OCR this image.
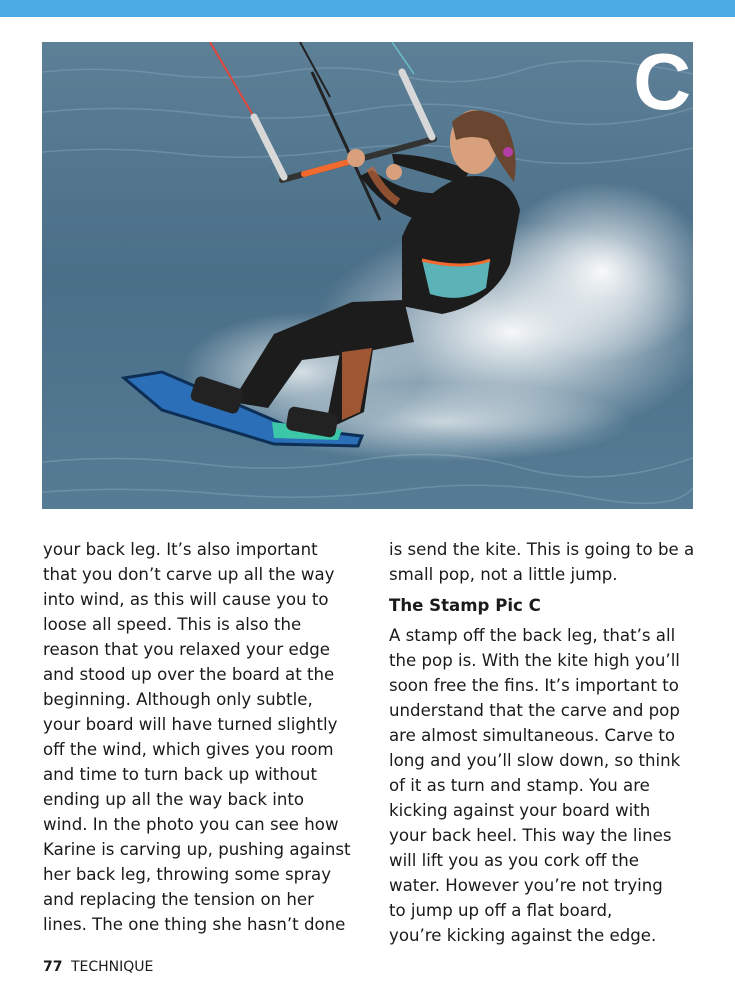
C

your back leg. It’s also important

that you don’t carve up all the way

into wind, as this will cause you to

loose all speed. This is also the

reason that you relaxed your edge

and stood up over the board at the

beginning. Although only subtle,

your board will have turned slightly

off the wind, which gives you room

and time to turn back up without

ending up all the way back into

wind. In the photo you can see how

Karine is carving up, pushing against

her back leg, throwing some spray

and replacing the tension on her

lines. The one thing she hasn’t done

is send the kite. This is going to be a

small pop, not a little jump.

The Stamp Pic C

A stamp off the back leg, that’s all

the pop is. With the kite high you’ll

soon free the fins. It’s important to

understand that the carve and pop

are almost simultaneous. Carve to

long and you’ll slow down, so think

of it as turn and stamp. You are

kicking against your board with

your back heel. This way the lines

will lift you as you cork off the

water. However you’re not trying

to jump up off a flat board,

you’re kicking against the edge.

77 TECHNIQUE
